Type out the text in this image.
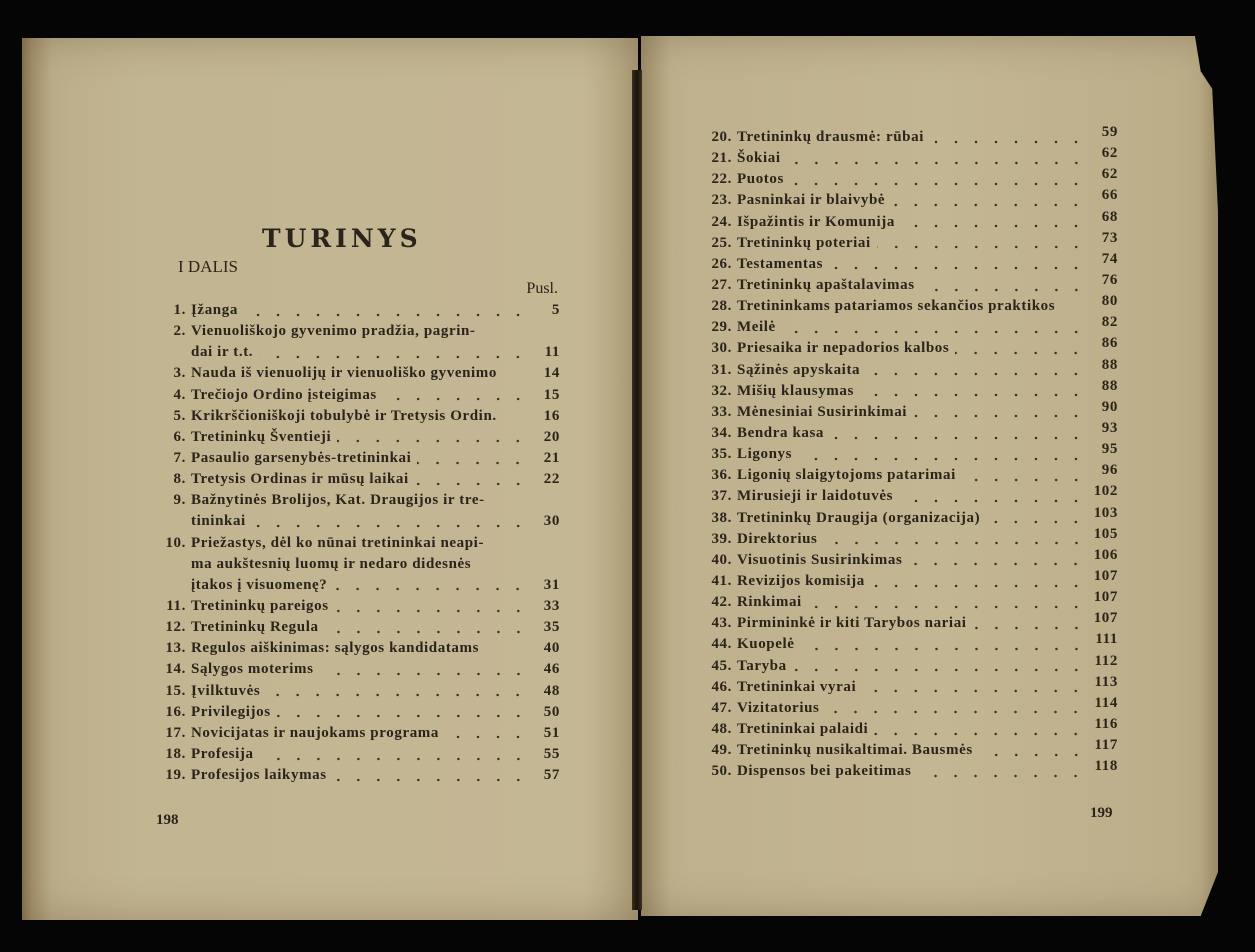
TURINYS
I DALIS
Pusl.
1. Įžanga	5
2. Vienuoliškojo gyvenimo pradžia, pagrin-
dai ir t.t.	11
3. Nauda iš vienuolijų ir vienuoliško gyvenimo	14
4. Trečiojo Ordino įsteigimas	15
5. Krikrščioniškoji tobulybė ir Tretysis Ordin.	16
6. Tretininkų Šventieji	20
7. Pasaulio garsenybės-tretininkai	21
8. Tretysis Ordinas ir mūsų laikai	22
9. Bažnytinės Brolijos, Kat. Draugijos ir tre-
tininkai	30
10. Priežastys, dėl ko nūnai tretininkai neapi-
ma aukštesnių luomų ir nedaro didesnės
įtakos į visuomenę?	31
11. Tretininkų pareigos	33
12. Tretininkų Regula	35
13. Regulos aiškinimas: sąlygos kandidatams	40
14. Sąlygos moterims	46
15. Įvilktuvės	48
16. Privilegijos	50
17. Novicijatas ir naujokams programa	51
18. Profesija	55
19. Profesijos laikymas	57
20. Tretininkų drausmė: rūbai	59
21. Šokiai	62
22. Puotos	62
23. Pasninkai ir blaivybė	66
24. Išpažintis ir Komunija	68
25. Tretininkų poteriai	73
26. Testamentas	74
27. Tretininkų apaštalavimas	76
28. Tretininkams patariamos sekančios praktikos	80
29. Meilė	82
30. Priesaika ir nepadorios kalbos	86
31. Sąžinės apyskaita	88
32. Mišių klausymas	88
33. Mėnesiniai Susirinkimai	90
34. Bendra kasa	93
35. Ligonys	95
36. Ligonių slaigytojoms patarimai	96
37. Mirusieji ir laidotuvės	102
38. Tretininkų Draugija (organizacija)	103
39. Direktorius	105
40. Visuotinis Susirinkimas	106
41. Revizijos komisija	107
42. Rinkimai	107
43. Pirmininkė ir kiti Tarybos nariai	107
44. Kuopelė	111
45. Taryba	112
46. Tretininkai vyrai	113
47. Vizitatorius	114
48. Tretininkai palaidi	116
49. Tretininkų nusikaltimai. Bausmės	117
50. Dispensos bei pakeitimas	118
198	199
